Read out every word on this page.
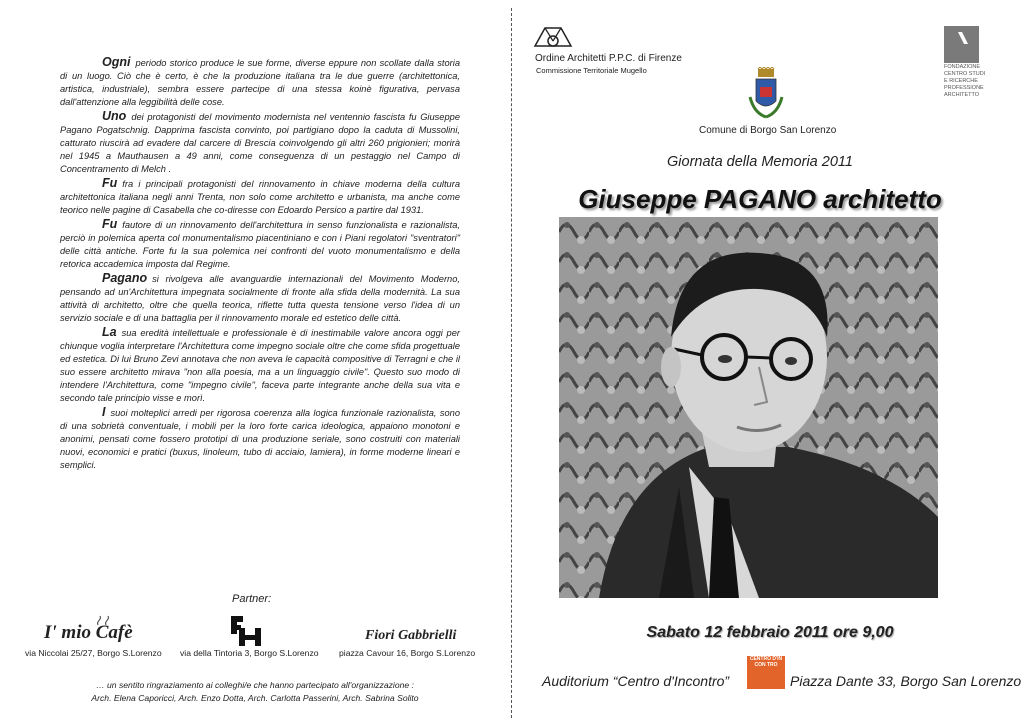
Ogni periodo storico produce le sue forme, diverse eppure non scollate dalla storia di un luogo. Ciò che è certo, è che la produzione italiana tra le due guerre (architettonica, artistica, industriale), sembra essere partecipe di una stessa koinè figurativa, pervasa dall'attenzione alla leggibilità delle cose.

Uno dei protagonisti del movimento modernista nel ventennio fascista fu Giuseppe Pagano Pogatschnig. Dapprima fascista convinto, poi partigiano dopo la caduta di Mussolini, catturato riuscirà ad evadere dal carcere di Brescia coinvolgendo gli altri 260 prigionieri; morirà nel 1945 a Mauthausen a 49 anni, come conseguenza di un pestaggio nel Campo di Concentramento di Melch .

Fu fra i principali protagonisti del rinnovamento in chiave moderna della cultura architettonica italiana negli anni Trenta, non solo come architetto e urbanista, ma anche come teorico nelle pagine di Casabella che co-diresse con Edoardo Persico a partire dal 1931.

Fu fautore di un rinnovamento dell'architettura in senso funzionalista e razionalista, perciò in polemica aperta col monumentalismo piacentiniano e con i Piani regolatori "sventratori" delle città antiche. Forte fu la sua polemica nei confronti del vuoto monumentalismo e della retorica accademica imposta dal Regime.

Pagano si rivolgeva alle avanguardie internazionali del Movimento Moderno, pensando ad un'Architettura impegnata socialmente di fronte alla sfida della modernità. La sua attività di architetto, oltre che quella teorica, riflette tutta questa tensione verso l'idea di un servizio sociale e di una battaglia per il rinnovamento morale ed estetico delle città.

La sua eredità intellettuale e professionale è di inestimabile valore ancora oggi per chiunque voglia interpretare l'Architettura come impegno sociale oltre che come sfida progettuale ed estetica. Di lui Bruno Zevi annotava che non aveva le capacità compositive di Terragni e che il suo essere architetto mirava "non alla poesia, ma a un linguaggio civile". Questo suo modo di intendere l'Architettura, come "impegno civile", faceva parte integrante anche della sua vita e secondo tale principio visse e morì.

I suoi molteplici arredi per rigorosa coerenza alla logica funzionale razionalista, sono di una sobrietà conventuale, i mobili per la loro forte carica ideologica, appaiono monotoni e anonimi, pensati come fossero prototipi di una produzione seriale, sono costruiti con materiali nuovi, economici e pratici (buxus, linoleum, tubo di acciaio, lamiera), in forme moderne lineari e semplici.

Partner:
I' mio Cafè	Fiori Gabbrielli
via Niccolai 25/27, Borgo S.Lorenzo via della Tintoria 3, Borgo S.Lorenzo piazza Cavour 16, Borgo S.Lorenzo
… un sentito ringraziamento ai colleghi/e che hanno partecipato all'organizzazione :
Arch. Elena Caporicci, Arch. Enzo Dotta, Arch. Carlotta Passerini, Arch. Sabrina Solito
Ordine Architetti P.P.C. di Firenze
Commissione Territoriale Mugello	FONDAZIONE CENTRO STUDI E RICERCHE PROFESSIONE ARCHITETTO
Comune di Borgo San Lorenzo
Giornata della Memoria 2011
Giuseppe PAGANO architetto
Sabato 12 febbraio 2011 ore 9,00
Auditorium “Centro d'Incontro”
CENTRO D'IN CON TRO
Piazza Dante 33, Borgo San Lorenzo
